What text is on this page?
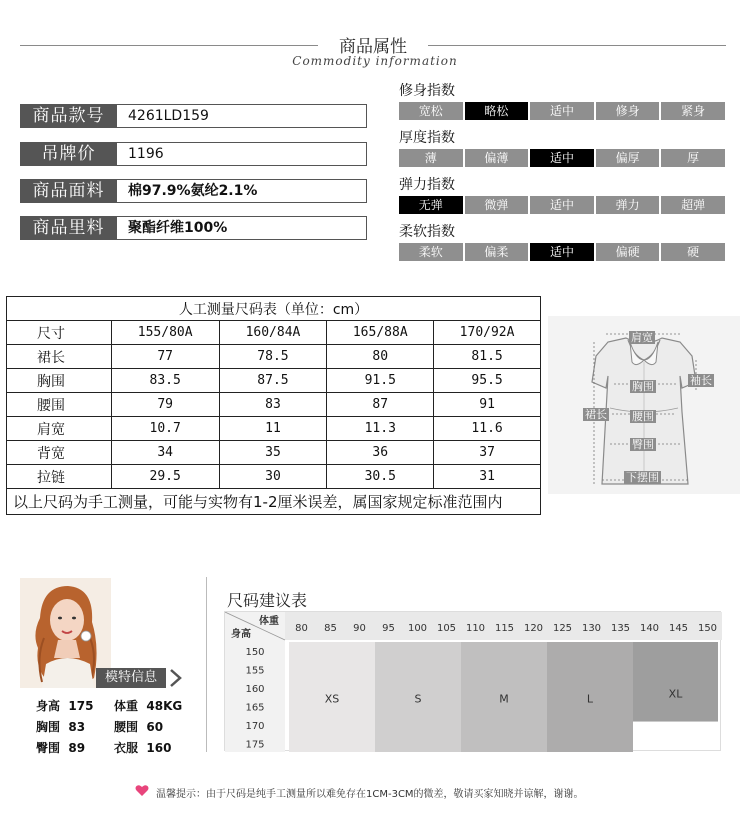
商品属性
Commodity information
商品款号	4261LD159
吊牌价	1196
商品面料	棉97.9%氨纶2.1%
商品里料	聚酯纤维100%
修身指数
宽松	略松	适中	修身	紧身
厚度指数
薄	偏薄	适中	偏厚	厚
弹力指数
无弹	微弹	适中	弹力	超弹
柔软指数
柔软	偏柔	适中	偏硬	硬
人工测量尺码表（单位：cm）				
尺寸	155/80A	160/84A	165/88A	170/92A
裙长	77	78.5	80	81.5
胸围	83.5	87.5	91.5	95.5
腰围	79	83	87	91
肩宽	10.7	11	11.3	11.6
背宽	34	35	36	37
拉链	29.5	30	30.5	31
以上尺码为手工测量，可能与实物有1-2厘米误差，属国家规定标准范围内				
肩宽
袖长
胸围
裙长 腰围
臀围
下摆围
模特信息
身高 175 体重 48KG
胸围 83 腰围 60
臀围 89 衣服 160
尺码建议表
体重
身高
80 85 90 95 100 105 110 115 120 125 130 135 140 145 150
150
155
160
165
170
175
XS	S	M	L	XL
温馨提示：由于尺码是纯手工测量所以难免存在1CM-3CM的微差，敬请买家知晓并谅解，谢谢。
